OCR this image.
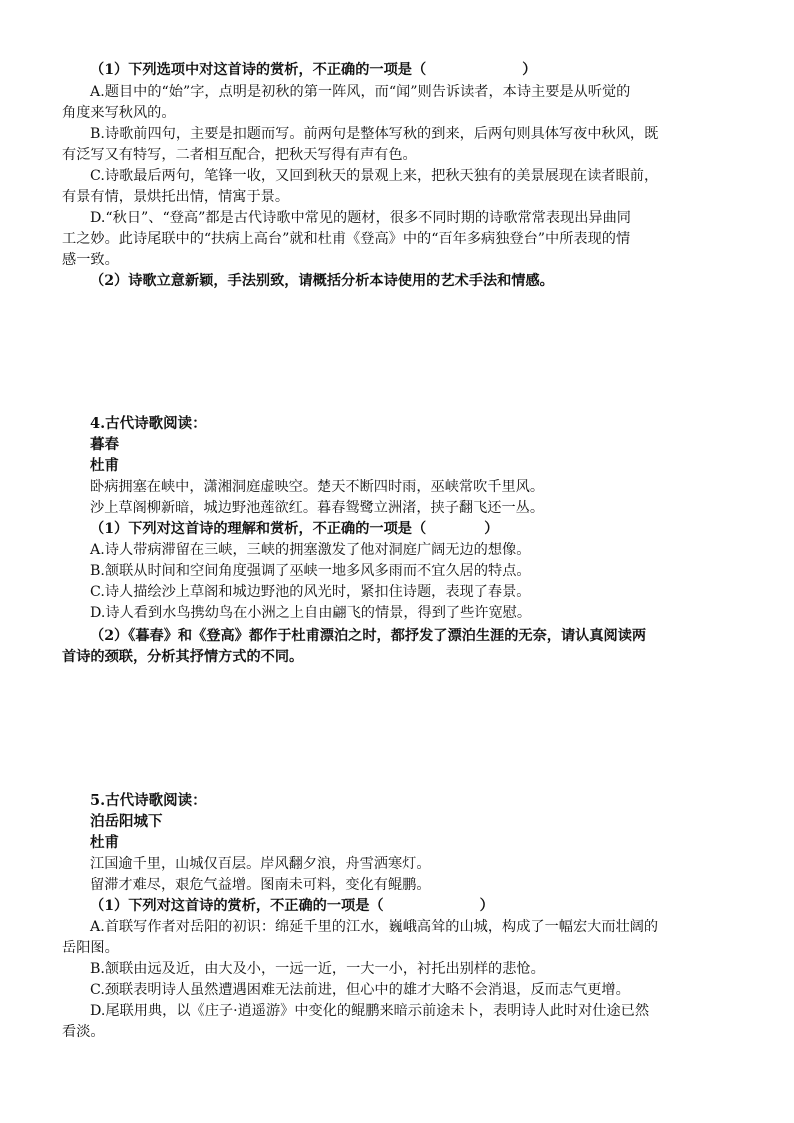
（1）下列选项中对这首诗的赏析，不正确的一项是（	）
A.题目中的“始”字，点明是初秋的第一阵风，而“闻”则告诉读者，本诗主要是从听觉的
角度来写秋风的。
B.诗歌前四句，主要是扣题而写。前两句是整体写秋的到来，后两句则具体写夜中秋风，既
有泛写又有特写，二者相互配合，把秋天写得有声有色。
C.诗歌最后两句，笔锋一收，又回到秋天的景观上来，把秋天独有的美景展现在读者眼前，
有景有情，景烘托出情，情寓于景。
D.“秋日”、“登高”都是古代诗歌中常见的题材，很多不同时期的诗歌常常表现出异曲同
工之妙。此诗尾联中的“扶病上高台”就和杜甫《登高》中的“百年多病独登台”中所表现的情
感一致。
（2）诗歌立意新颖，手法别致，请概括分析本诗使用的艺术手法和情感。
4.古代诗歌阅读：
暮春
杜甫
卧病拥塞在峡中，潇湘洞庭虚映空。楚天不断四时雨，巫峡常吹千里风。
沙上草阁柳新暗，城边野池莲欲红。暮春鸳鹭立洲渚，挟子翻飞还一丛。
（1）下列对这首诗的理解和赏析，不正确的一项是（	）
A.诗人带病滞留在三峡，三峡的拥塞激发了他对洞庭广阔无边的想像。
B.颔联从时间和空间角度强调了巫峡一地多风多雨而不宜久居的特点。
C.诗人描绘沙上草阁和城边野池的风光时，紧扣住诗题，表现了春景。
D.诗人看到水鸟携幼鸟在小洲之上自由翩飞的情景，得到了些许宽慰。
（2）《暮春》和《登高》都作于杜甫漂泊之时，都抒发了漂泊生涯的无奈，请认真阅读两
首诗的颈联，分析其抒情方式的不同。
5.古代诗歌阅读：
泊岳阳城下
杜甫
江国逾千里，山城仅百层。岸风翻夕浪，舟雪洒寒灯。
留滞才难尽，艰危气益增。图南未可料，变化有鲲鹏。
（1）下列对这首诗的赏析，不正确的一项是（	）
A.首联写作者对岳阳的初识：绵延千里的江水，巍峨高耸的山城，构成了一幅宏大而壮阔的
岳阳图。
B.颔联由远及近，由大及小，一远一近，一大一小，衬托出别样的悲怆。
C.颈联表明诗人虽然遭遇困难无法前进，但心中的雄才大略不会消退，反而志气更增。
D.尾联用典，以《庄子·逍遥游》中变化的鲲鹏来暗示前途未卜，表明诗人此时对仕途已然
看淡。
